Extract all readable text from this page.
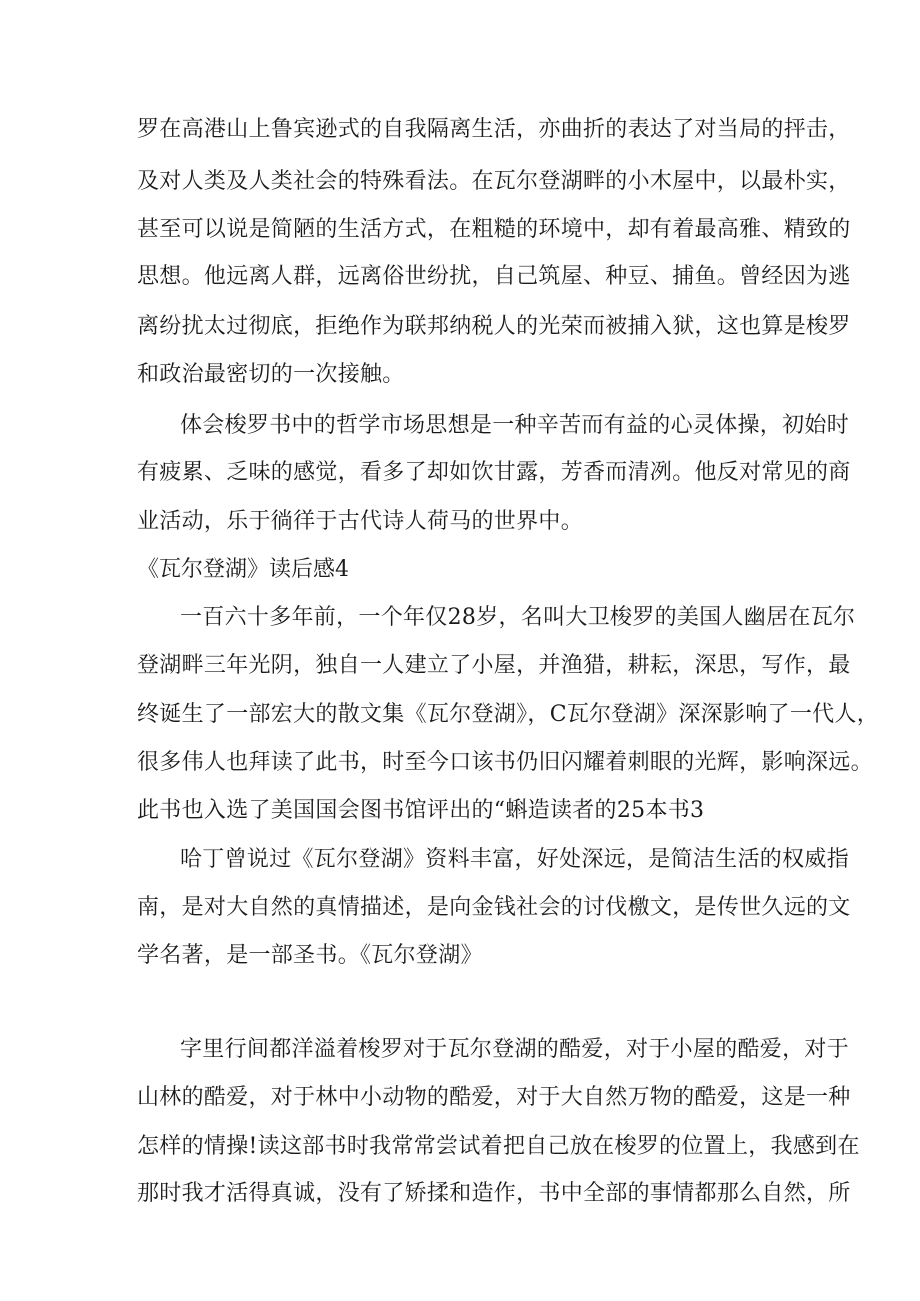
罗在高港山上鲁宾逊式的自我隔离生活，亦曲折的表达了对当局的抨击，
及对人类及人类社会的特殊看法。在瓦尔登湖畔的小木屋中，以最朴实，
甚至可以说是简陋的生活方式，在粗糙的环境中，却有着最高雅、精致的
思想。他远离人群，远离俗世纷扰，自己筑屋、种豆、捕鱼。曾经因为逃
离纷扰太过彻底，拒绝作为联邦纳税人的光荣而被捕入狱，这也算是梭罗
和政治最密切的一次接触。
体会梭罗书中的哲学市场思想是一种辛苦而有益的心灵体操，初始时
有疲累、乏味的感觉，看多了却如饮甘露，芳香而清冽。他反对常见的商
业活动，乐于徜徉于古代诗人荷马的世界中。
《瓦尔登湖》读后感4
一百六十多年前，一个年仅28岁，名叫大卫梭罗的美国人幽居在瓦尔
登湖畔三年光阴，独自一人建立了小屋，并渔猎，耕耘，深思，写作，最
终诞生了一部宏大的散文集《瓦尔登湖》，C瓦尔登湖》深深影响了一代人，
很多伟人也拜读了此书，时至今口该书仍旧闪耀着刺眼的光辉，影响深远。
此书也入选了美国国会图书馆评出的“蝌造读者的25本书3
哈丁曾说过《瓦尔登湖》资料丰富，好处深远，是简洁生活的权威指
南，是对大自然的真情描述，是向金钱社会的讨伐檄文，是传世久远的文
学名著，是一部圣书。《瓦尔登湖》
字里行间都洋溢着梭罗对于瓦尔登湖的酷爱，对于小屋的酷爱，对于
山林的酷爱，对于林中小动物的酷爱，对于大自然万物的酷爱，这是一种
怎样的情操!读这部书时我常常尝试着把自己放在梭罗的位置上，我感到在
那时我才活得真诚，没有了矫揉和造作，书中全部的事情都那么自然，所
